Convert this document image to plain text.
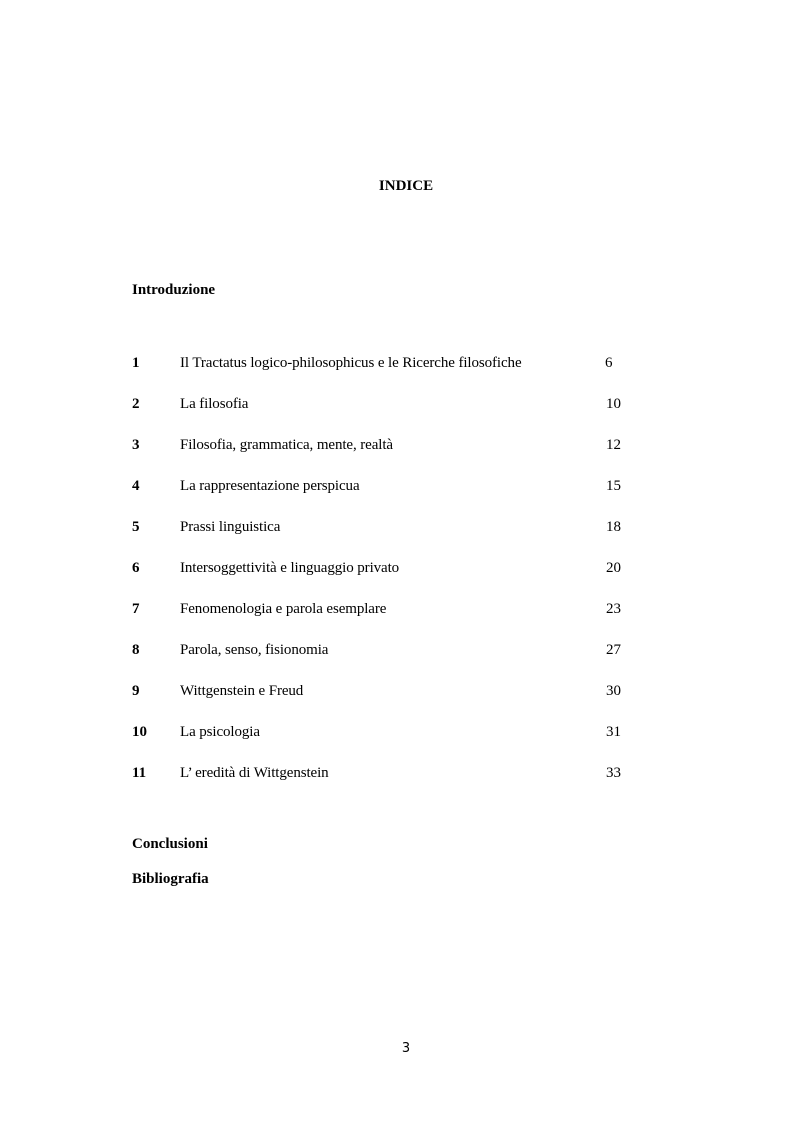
INDICE
Introduzione
1	Il Tractatus logico-philosophicus e le Ricerche filosofiche	6
2	La filosofia	10
3	Filosofia, grammatica, mente, realtà	12
4	La rappresentazione perspicua	15
5	Prassi linguistica	18
6	Intersoggettività e linguaggio privato	20
7	Fenomenologia e parola esemplare	23
8	Parola, senso, fisionomia	27
9	Wittgenstein e Freud	30
10 La psicologia	31
11 L’ eredità di Wittgenstein	33
Conclusioni
Bibliografia
3
